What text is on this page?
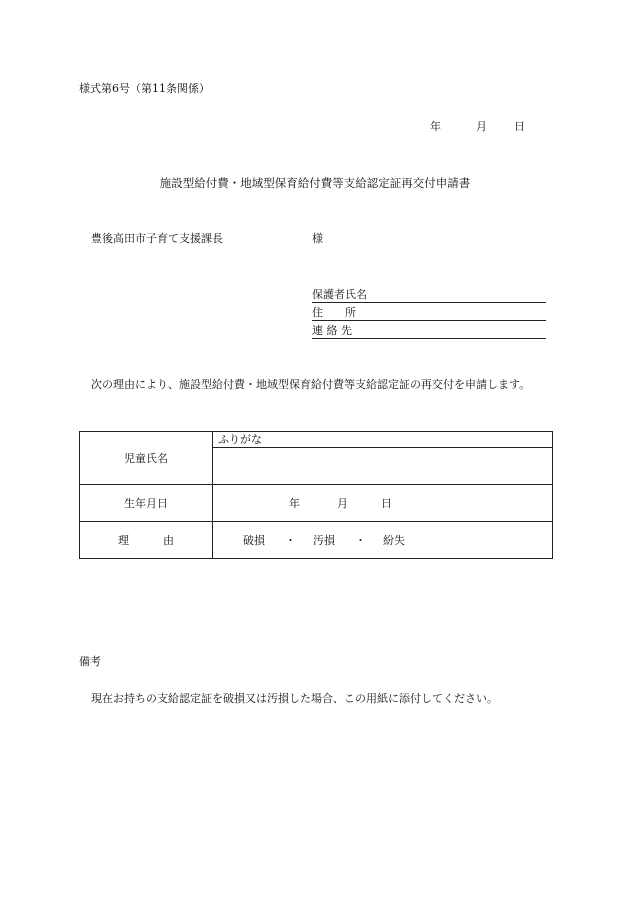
様式第6号（第11条関係）
年	月 日
施設型給付費・地域型保育給付費等支給認定証再交付申請書
豊後高田市子育て支援課長	様
保護者氏名
住　　所
連 絡 先
次の理由により、施設型給付費・地域型保育給付費等支給認定証の再交付を申請します。
児童氏名	ふりがな

生年月日	年 月 日

理 由	破損 ・ 汚損 ・ 紛失
備考
現在お持ちの支給認定証を破損又は汚損した場合、この用紙に添付してください。
